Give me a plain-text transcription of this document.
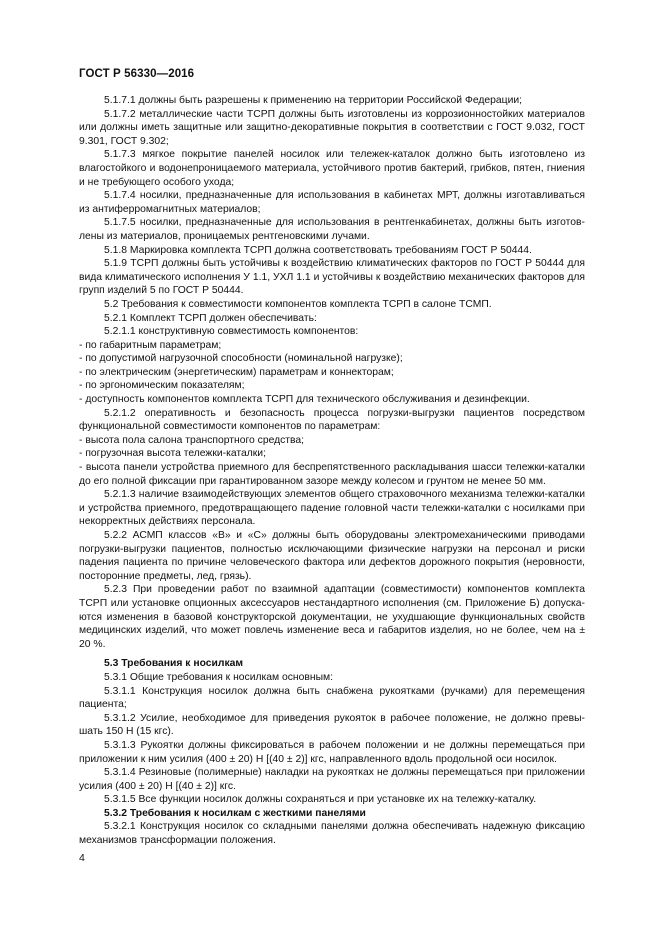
ГОСТ Р 56330—2016

5.1.7.1 должны быть разрешены к применению на территории Российской Федерации;

5.1.7.2 металлические части ТСРП должны быть изготовлены из коррозионностойких материалов или должны иметь защитные или защитно-декоративные покрытия в соответствии с ГОСТ 9.032, ГОСТ 9.301, ГОСТ 9.302;

5.1.7.3 мягкое покрытие панелей носилок или тележек-каталок должно быть изготовлено из влагостойкого и водонепроницаемого материала, устойчивого против бактерий, грибков, пятен, гниения и не требующего особого ухода;

5.1.7.4 носилки, предназначенные для использования в кабинетах МРТ, должны изготавливаться из антиферромагнитных материалов;

5.1.7.5 носилки, предназначенные для использования в рентгенкабинетах, должны быть изготовлены из материалов, проницаемых рентгеновскими лучами.

5.1.8 Маркировка комплекта ТСРП должна соответствовать требованиям ГОСТ Р 50444.

5.1.9 ТСРП должны быть устойчивы к воздействию климатических факторов по ГОСТ Р 50444 для вида климатического исполнения У 1.1, УХЛ 1.1 и устойчивы к воздействию механических факторов для групп изделий 5 по ГОСТ Р 50444.

5.2 Требования к совместимости компонентов комплекта ТСРП в салоне ТСМП.

5.2.1 Комплект ТСРП должен обеспечивать:

5.2.1.1 конструктивную совместимость компонентов:

- по габаритным параметрам;

- по допустимой нагрузочной способности (номинальной нагрузке);

- по электрическим (энергетическим) параметрам и коннекторам;

- по эргономическим показателям;

- доступность компонентов комплекта ТСРП для технического обслуживания и дезинфекции.

5.2.1.2 оперативность и безопасность процесса погрузки-выгрузки пациентов посредством функциональной совместимости компонентов по параметрам:

- высота пола салона транспортного средства;

- погрузочная высота тележки-каталки;

- высота панели устройства приемного для беспрепятственного раскладывания шасси тележки-каталки до его полной фиксации при гарантированном зазоре между колесом и грунтом не менее 50 мм.

5.2.1.3 наличие взаимодействующих элементов общего страховочного механизма тележки-каталки и устройства приемного, предотвращающего падение головной части тележки-каталки с носилками при некорректных действиях персонала.

5.2.2 АСМП классов «В» и «С» должны быть оборудованы электромеханическими приводами погрузки-выгрузки пациентов, полностью исключающими физические нагрузки на персонал и риски падения пациента по причине человеческого фактора или дефектов дорожного покрытия (неровности, посторонние предметы, лед, грязь).

5.2.3 При проведении работ по взаимной адаптации (совместимости) компонентов комплекта ТСРП или установке опционных аксессуаров нестандартного исполнения (см. Приложение Б) допускаются изменения в базовой конструкторской документации, не ухудшающие функциональных свойств медицинских изделий, что может повлечь изменение веса и габаритов изделия, но не более, чем на ± 20 %.

5.3 Требования к носилкам

5.3.1 Общие требования к носилкам основным:

5.3.1.1 Конструкция носилок должна быть снабжена рукоятками (ручками) для перемещения пациента;

5.3.1.2 Усилие, необходимое для приведения рукояток в рабочее положение, не должно превышать 150 Н (15 кгс).

5.3.1.3 Рукоятки должны фиксироваться в рабочем положении и не должны перемещаться при приложении к ним усилия (400 ± 20) Н [(40 ± 2)] кгс, направленного вдоль продольной оси носилок.

5.3.1.4 Резиновые (полимерные) накладки на рукоятках не должны перемещаться при приложении усилия (400 ± 20) Н [(40 ± 2)] кгс.

5.3.1.5 Все функции носилок должны сохраняться и при установке их на тележку-каталку.

5.3.2 Требования к носилкам с жесткими панелями

5.3.2.1 Конструкция носилок со складными панелями должна обеспечивать надежную фиксацию механизмов трансформации положения.

4
